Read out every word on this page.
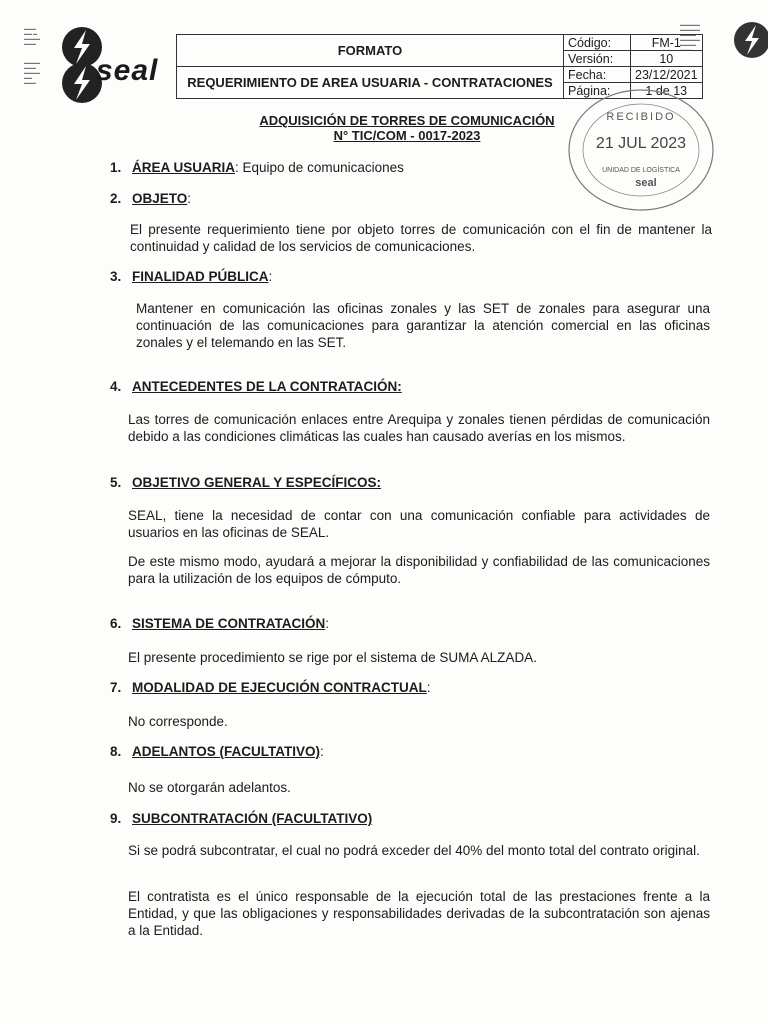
▬▬▬
▬▬ ▬
▬▬▬▬
▬▬▬
▬▬▬▬
▬▬▬
▬▬▬▬
▬▬
▬▬▬
▬▬▬▬▬
▬▬▬▬▬
▬▬▬▬
▬▬▬▬▬
▬▬▬▬
▬▬▬
seal
FORMATO	Código:	FM-1
	Versión:	10
REQUERIMIENTO DE AREA USUARIA - CONTRATACIONES	Fecha:	23/12/2021
	Página:	1 de 13
RECIBIDO
21 JUL 2023
UNIDAD DE LOGÍSTICA
seal
ADQUISICIÓN DE TORRES DE COMUNICACIÓN
N° TIC/COM - 0017-2023
1. ÁREA USUARIA: Equipo de comunicaciones
2. OBJETO:
El presente requerimiento tiene por objeto torres de comunicación con el fin de mantener la continuidad y calidad de los servicios de comunicaciones.
3. FINALIDAD PÚBLICA:
Mantener en comunicación las oficinas zonales y las SET de zonales para asegurar una continuación de las comunicaciones para garantizar la atención comercial en las oficinas zonales y el telemando en las SET.
4. ANTECEDENTES DE LA CONTRATACIÓN:
Las torres de comunicación enlaces entre Arequipa y zonales tienen pérdidas de comunicación debido a las condiciones climáticas las cuales han causado averías en los mismos.
5. OBJETIVO GENERAL Y ESPECÍFICOS:
SEAL, tiene la necesidad de contar con una comunicación confiable para actividades de usuarios en las oficinas de SEAL.
De este mismo modo, ayudará a mejorar la disponibilidad y confiabilidad de las comunicaciones para la utilización de los equipos de cómputo.
6. SISTEMA DE CONTRATACIÓN:
El presente procedimiento se rige por el sistema de SUMA ALZADA.
7. MODALIDAD DE EJECUCIÓN CONTRACTUAL:
No corresponde.
8. ADELANTOS (FACULTATIVO):
No se otorgarán adelantos.
9. SUBCONTRATACIÓN (FACULTATIVO)
Si se podrá subcontratar, el cual no podrá exceder del 40% del monto total del contrato original.
El contratista es el único responsable de la ejecución total de las prestaciones frente a la Entidad, y que las obligaciones y responsabilidades derivadas de la subcontratación son ajenas a la Entidad.
